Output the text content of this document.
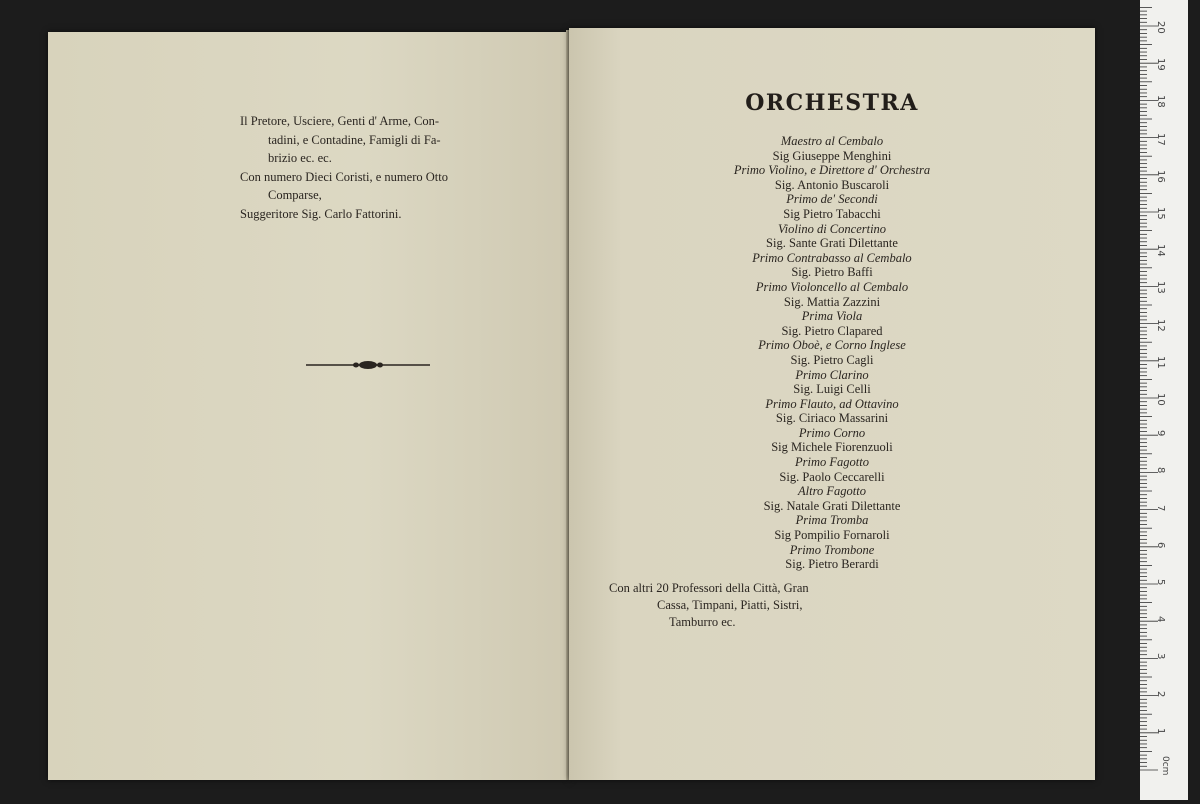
Il Pretore, Usciere, Genti d' Arme, Con-

tadini, e Contadine, Famigli di Fa-

brizio ec. ec.

Con numero Dieci Coristi, e numero Otto

Comparse,

Suggeritore Sig. Carlo Fattorini.

ORCHESTRA
Maestro al Cembalo
Sig Giuseppe Menghini
Primo Violino, e Direttore d' Orchestra
Sig. Antonio Buscaroli
Primo de' Secondi
Sig Pietro Tabacchi
Violino di Concertino
Sig. Sante Grati Dilettante
Primo Contrabasso al Cembalo
Sig. Pietro Baffi
Primo Violoncello al Cembalo
Sig. Mattia Zazzini
Prima Viola
Sig. Pietro Clapared
Primo Oboè, e Corno Inglese
Sig. Pietro Cagli
Primo Clarino
Sig. Luigi Celli
Primo Flauto, ad Ottavino
Sig. Ciriaco Massarini
Primo Corno
Sig Michele Fiorenzuoli
Primo Fagotto
Sig. Paolo Ceccarelli
Altro Fagotto
Sig. Natale Grati Dilettante
Prima Tromba
Sig Pompilio Fornaroli
Primo Trombone
Sig. Pietro Berardi
Con altri 20 Professori della Città, Gran
Cassa, Timpani, Piatti, Sistri,
Tamburro ec.
1
2
3
4
5
6
7
8
9
10
11
12
13
14
15
16
17
18
19
20
0cm
